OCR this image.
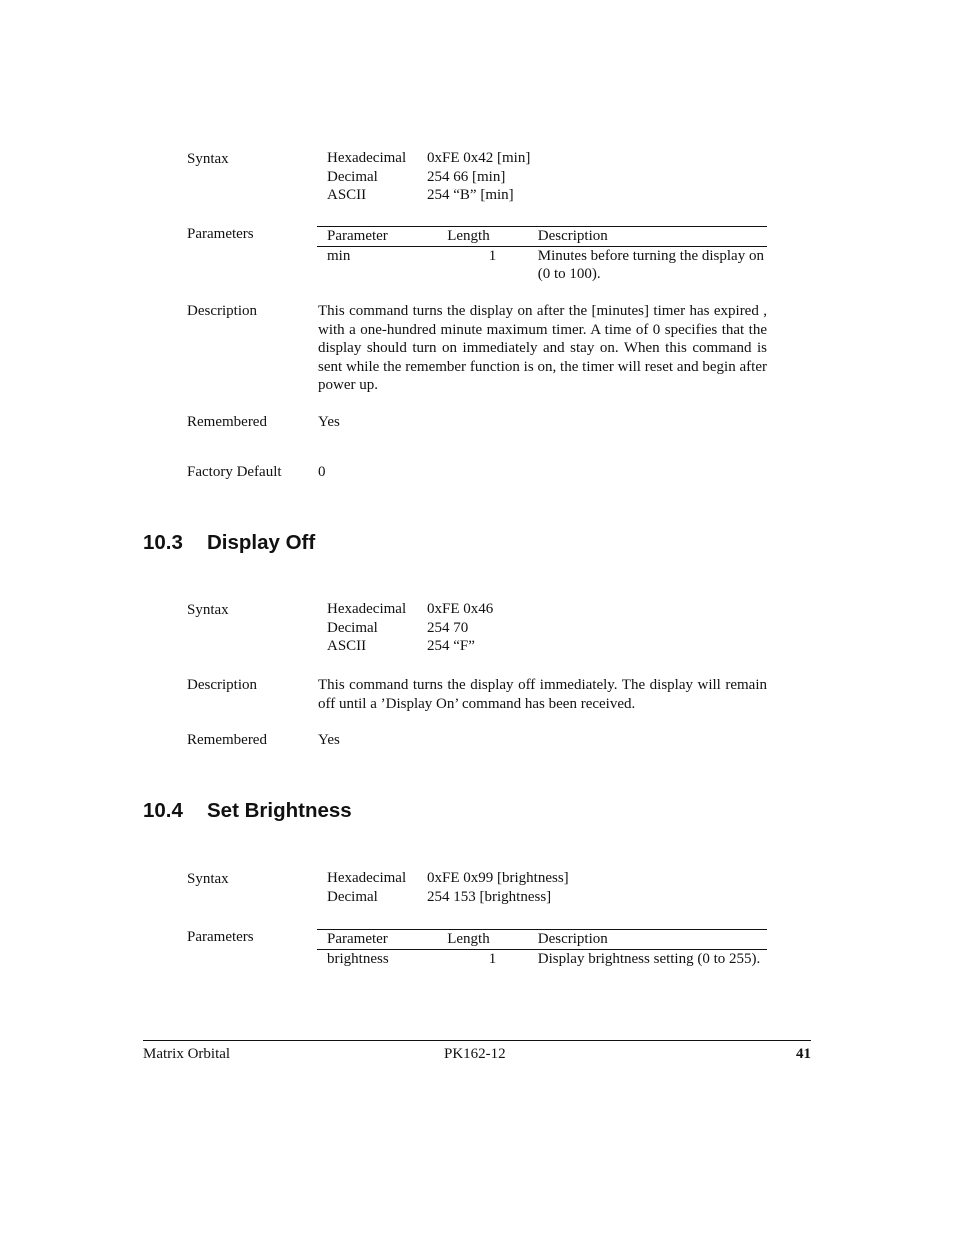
Syntax	Hexadecimal	0xFE 0x42 [min]
Decimal	254 66 [min]
ASCII	254 “B” [min]
Parameters	Parameter	Length	Description
min	1	Minutes before turning the display on (0 to 100).
Description	This command turns the display on after the [minutes] timer has expired , with a one-hundred minute maximum timer. A time of 0 specifies that the display should turn on immediately and stay on. When this command is sent while the remember function is on, the timer will reset and begin after power up.
Remembered	Yes
Factory Default 0
10.3 Display Off
Syntax	Hexadecimal	0xFE 0x46
Decimal	254 70
ASCII	254 “F”
Description	This command turns the display off immediately. The display will remain off until a ’Display On’ command has been received.
Remembered	Yes
10.4 Set Brightness
Syntax	Hexadecimal	0xFE 0x99 [brightness]
Decimal	254 153 [brightness]
Parameters	Parameter	Length	Description
brightness	1	Display brightness setting (0 to 255).
Matrix Orbital	PK162-12	41
